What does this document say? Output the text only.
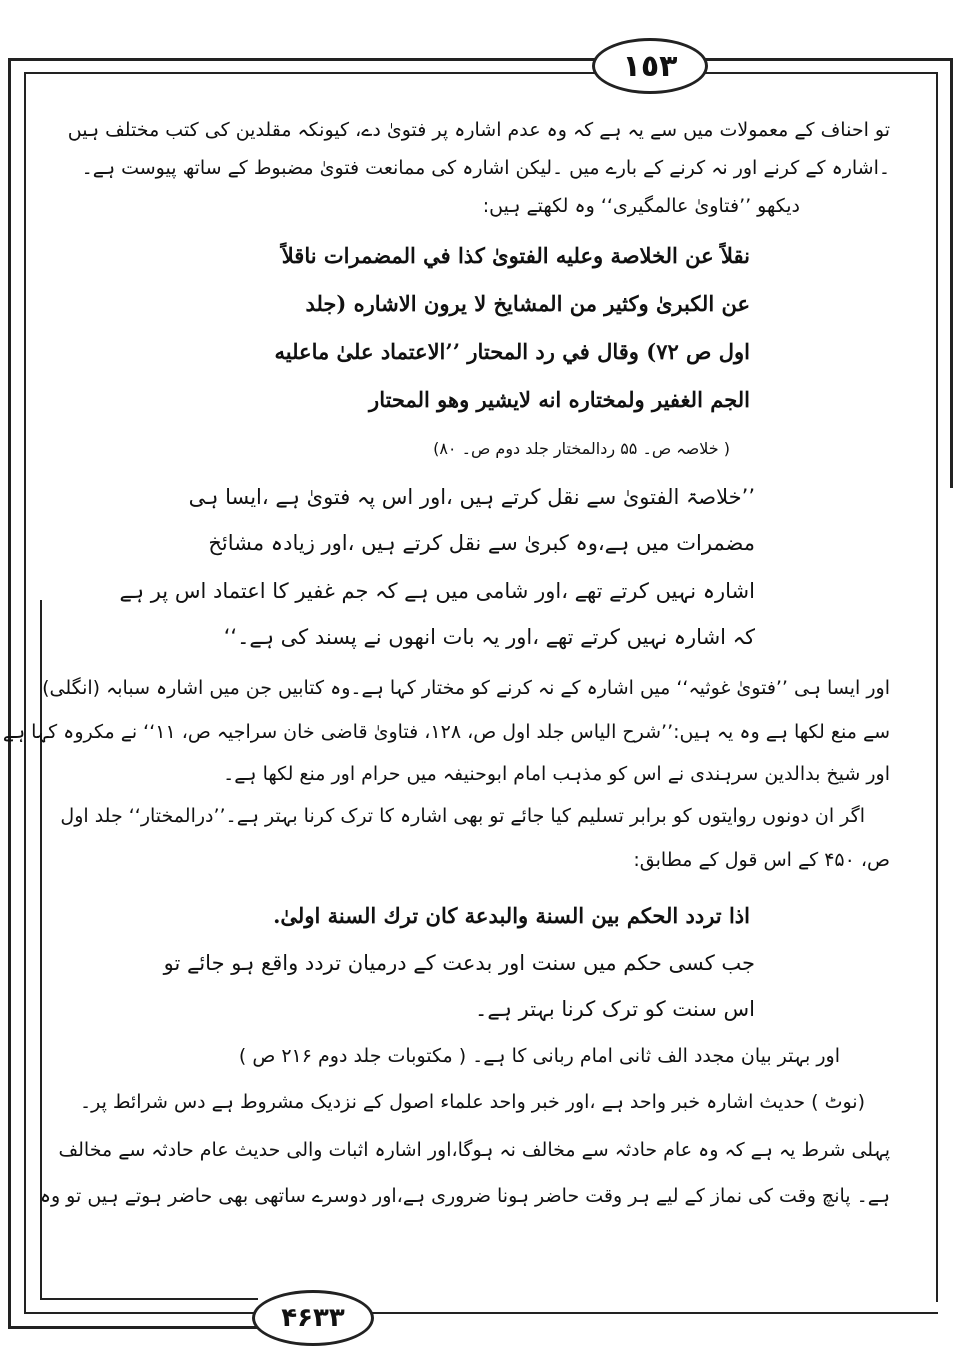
١٥٣
۴۶۳۳
تو احناف کے معمولات میں سے یہ ہے کہ وہ عدم اشارہ پر فتویٰ دے، کیونکہ مقلدین کی کتب مختلف ہیں
۔اشارہ کے کرنے اور نہ کرنے کے بارے میں ۔لیکن اشارہ کی ممانعت فتویٰ مضبوط کے ساتھ پیوست ہے۔
دیکھو ’’فتاویٰ عالمگیری‘‘ وہ لکھتے ہیں:
نقلاً عن الخلاصة وعليه الفتوىٰ كذا في المضمرات ناقلاً
عن الكبرىٰ وكثير من المشايخ لا يرون الاشاره (جلد
اول ص ۷۲) وقال في رد المحتار ’’الاعتماد علىٰ ماعليه
الجم الغفير ولمختاره انه لايشير وهو المحتار
( خلاصہ ص۔ ۵۵ ردالمختار جلد دوم ص۔ ۸۰)
’’خلاصۃ الفتویٰ سے نقل کرتے ہیں ،اور اس پہ فتویٰ ہے ،ایسا ہی
مضمرات میں ہے،وہ کبریٰ سے نقل کرتے ہیں ،اور زیادہ مشائخ
اشارہ نہیں کرتے تھے ،اور شامی میں ہے کہ جم غفیر کا اعتماد اس پر ہے
کہ اشارہ نہیں کرتے تھے ،اور یہ بات انھوں نے پسند کی ہے۔‘‘
اور ایسا ہی ’’فتویٰ غوثیہ‘‘ میں اشارہ کے نہ کرنے کو مختار کہا ہے۔وہ کتابیں جن میں اشارہ سبابہ (انگلی)
سے منع لکھا ہے وہ یہ ہیں:’’شرح الیاس جلد اول ص، ۱۲۸، فتاویٰ قاضی خان سراجیہ ص، ۱۱‘‘ نے مکروہ کہا ہے
اور شیخ بدالدین سرہندی نے اس کو مذہب امام ابوحنیفہ میں حرام اور منع لکھا ہے۔
اگر ان دونوں روایتوں کو برابر تسلیم کیا جائے تو بھی اشارہ کا ترک کرنا بہتر ہے۔’’درالمختار‘‘ جلد اول
ص، ۴۵۰ کے اس قول کے مطابق:
اذا تردد الحكم بين السنة والبدعة كان ترك السنة اولىٰ.
جب کسی حکم میں سنت اور بدعت کے درمیان تردد واقع ہو جائے تو
اس سنت کو ترک کرنا بہتر ہے۔
اور بہتر بیان مجدد الف ثانی امام ربانی کا ہے۔ ( مکتوبات جلد دوم ۲۱۶ ص )
(نوٹ ) حدیث اشارہ خبر واحد ہے ،اور خبر واحد علماء اصول کے نزدیک مشروط ہے دس شرائط پر۔
پہلی شرط یہ ہے کہ وہ عام حادثہ سے مخالف نہ ہوگا،اور اشارہ اثبات والی حدیث عام حادثہ سے مخالف
ہے۔ پانچ وقت کی نماز کے لیے ہر وقت حاضر ہونا ضروری ہے،اور دوسرے ساتھی بھی حاضر ہوتے ہیں تو وہ
